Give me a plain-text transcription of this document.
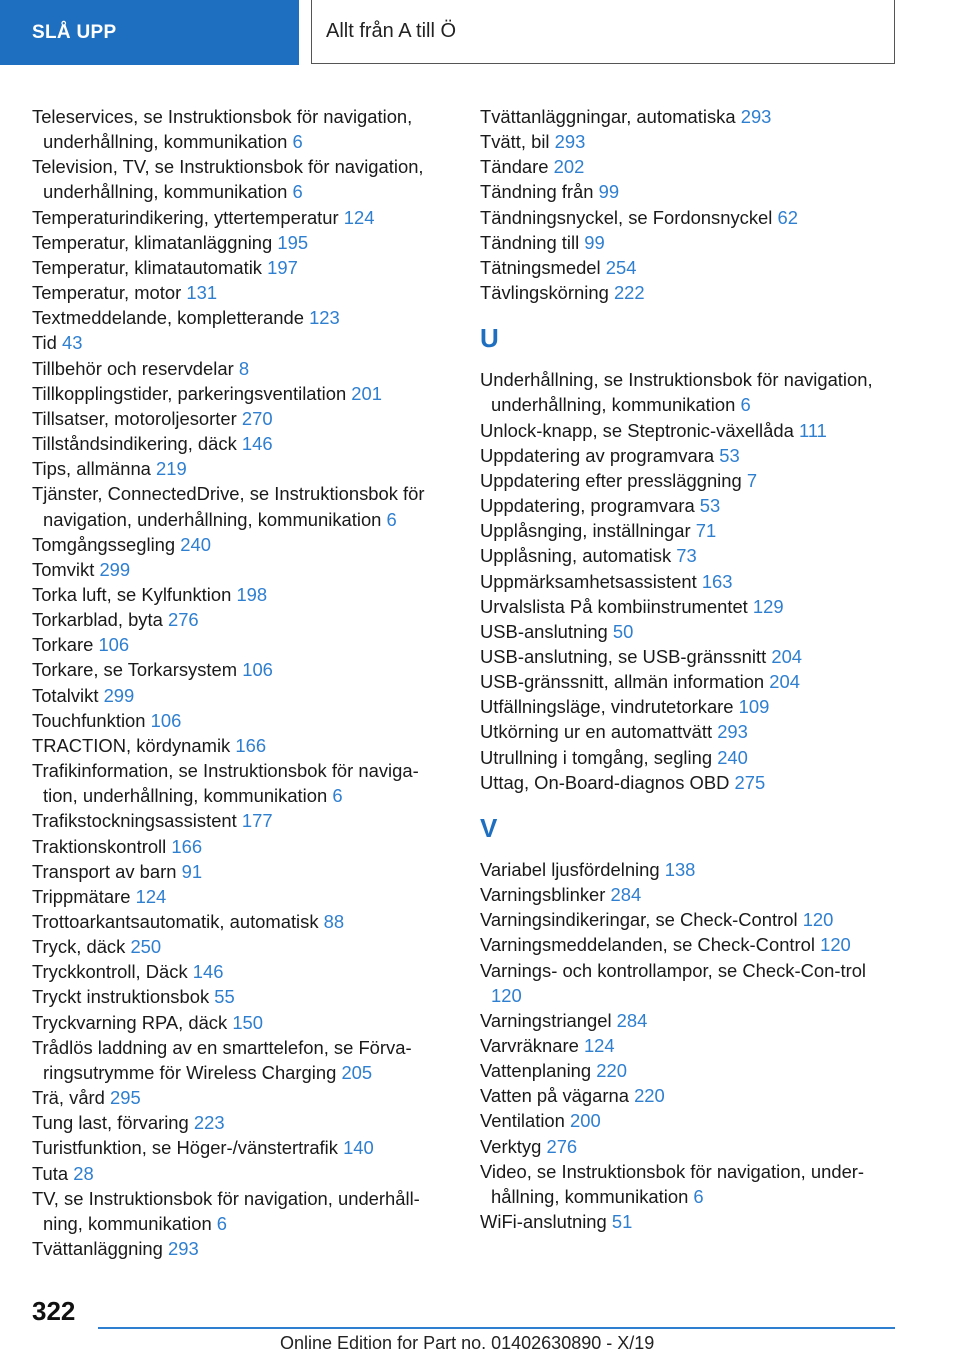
SLÅ UPP	Allt från A till Ö
Teleservices, se Instruktionsbok för navigation, underhållning, kommunikation 6
Television, TV, se Instruktionsbok för navigation, underhållning, kommunikation 6
Temperaturindikering, yttertemperatur 124
Temperatur, klimatanläggning 195
Temperatur, klimatautomatik 197
Temperatur, motor 131
Textmeddelande, kompletterande 123
Tid 43
Tillbehör och reservdelar 8
Tillkopplingstider, parkeringsventilation 201
Tillsatser, motoroljesorter 270
Tillståndsindikering, däck 146
Tips, allmänna 219
Tjänster, ConnectedDrive, se Instruktionsbok för navigation, underhållning, kommunikation 6
Tomgångssegling 240
Tomvikt 299
Torka luft, se Kylfunktion 198
Torkarblad, byta 276
Torkare 106
Torkare, se Torkarsystem 106
Totalvikt 299
Touchfunktion 106
TRACTION, kördynamik 166
Trafikinformation, se Instruktionsbok för naviga-tion, underhållning, kommunikation 6
Trafikstockningsassistent 177
Traktionskontroll 166
Transport av barn 91
Trippmätare 124
Trottoarkantsautomatik, automatisk 88
Tryck, däck 250
Tryckkontroll, Däck 146
Tryckt instruktionsbok 55
Tryckvarning RPA, däck 150
Trådlös laddning av en smarttelefon, se Förva-ringsutrymme för Wireless Charging 205
Trä, vård 295
Tung last, förvaring 223
Turistfunktion, se Höger-/vänstertrafik 140
Tuta 28
TV, se Instruktionsbok för navigation, underhåll-ning, kommunikation 6
Tvättanläggning 293
Tvättanläggningar, automatiska 293
Tvätt, bil 293
Tändare 202
Tändning från 99
Tändningsnyckel, se Fordonsnyckel 62
Tändning till 99
Tätningsmedel 254
Tävlingskörning 222
U
Underhållning, se Instruktionsbok för navigation, underhållning, kommunikation 6
Unlock-knapp, se Steptronic-växellåda 111
Uppdatering av programvara 53
Uppdatering efter pressläggning 7
Uppdatering, programvara 53
Upplåsnging, inställningar 71
Upplåsning, automatisk 73
Uppmärksamhetsassistent 163
Urvalslista På kombiinstrumentet 129
USB-anslutning 50
USB-anslutning, se USB-gränssnitt 204
USB-gränssnitt, allmän information 204
Utfällningsläge, vindrutetorkare 109
Utkörning ur en automattvätt 293
Utrullning i tomgång, segling 240
Uttag, On-Board-diagnos OBD 275
V
Variabel ljusfördelning 138
Varningsblinker 284
Varningsindikeringar, se Check-Control 120
Varningsmeddelanden, se Check-Control 120
Varnings- och kontrollampor, se Check-Con-trol 120
Varningstriangel 284
Varvräknare 124
Vattenplaning 220
Vatten på vägarna 220
Ventilation 200
Verktyg 276
Video, se Instruktionsbok för navigation, under-hållning, kommunikation 6
WiFi-anslutning 51
322
Online Edition for Part no. 01402630890 - X/19
